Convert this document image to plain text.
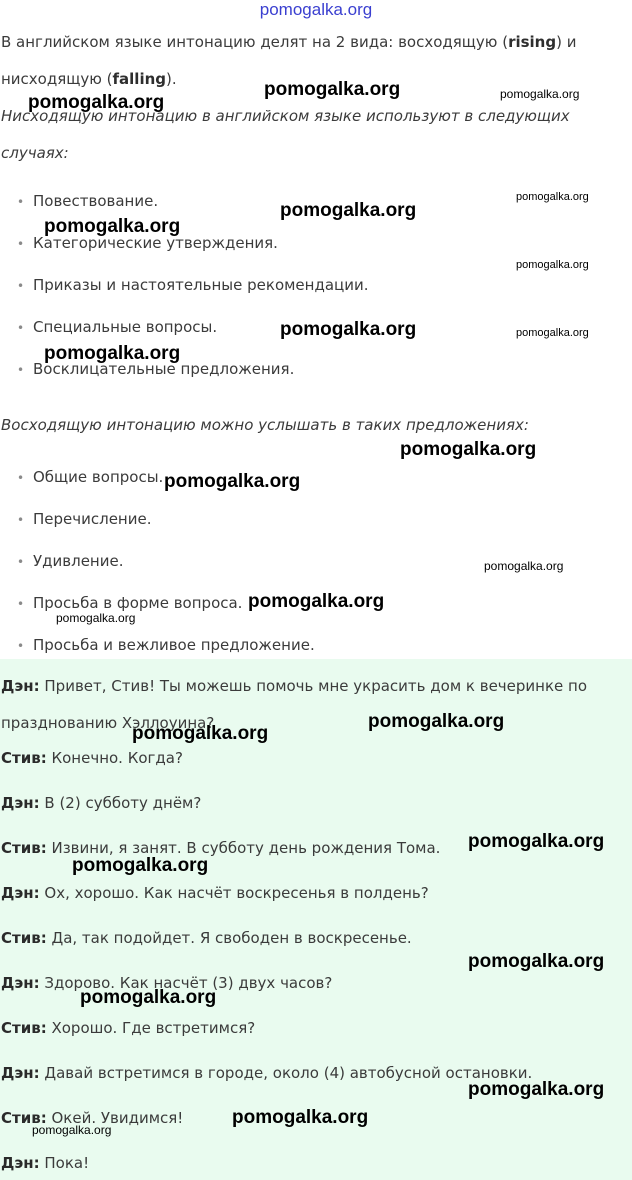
pomogalka.org

В английском языке интонацию делят на 2 вида: восходящую (rising) и нисходящую (falling).

Нисходящую интонацию в английском языке используют в следующих случаях:

• Повествование.
• Категорические утверждения.
• Приказы и настоятельные рекомендации.
• Специальные вопросы.
• Восклицательные предложения.

Восходящую интонацию можно услышать в таких предложениях:

• Общие вопросы.
• Перечисление.
• Удивление.
• Просьба в форме вопроса.
• Просьба и вежливое предложение.
Дэн: Привет, Стив! Ты можешь помочь мне украсить дом к вечеринке по празднованию Хэллоуина?
Стив: Конечно. Когда?
Дэн: В (2) субботу днём?
Стив: Извини, я занят. В субботу день рождения Тома.
Дэн: Ох, хорошо. Как насчёт воскресенья в полдень?
Стив: Да, так подойдет. Я свободен в воскресенье.
Дэн: Здорово. Как насчёт (3) двух часов?
Стив: Хорошо. Где встретимся?
Дэн: Давай встретимся в городе, около (4) автобусной остановки.
Стив: Окей. Увидимся!
Дэн: Пока!
pomogalka.org
pomogalka.org	pomogalka.org
pomogalka.org
pomogalka.org
pomogalka.org
pomogalka.org
pomogalka.org	pomogalka.org
pomogalka.org
pomogalka.org
pomogalka.org
pomogalka.org
pomogalka.org
pomogalka.org
pomogalka.org
pomogalka.org
pomogalka.org
pomogalka.org
pomogalka.org
pomogalka.org
pomogalka.org
pomogalka.org
pomogalka.org
